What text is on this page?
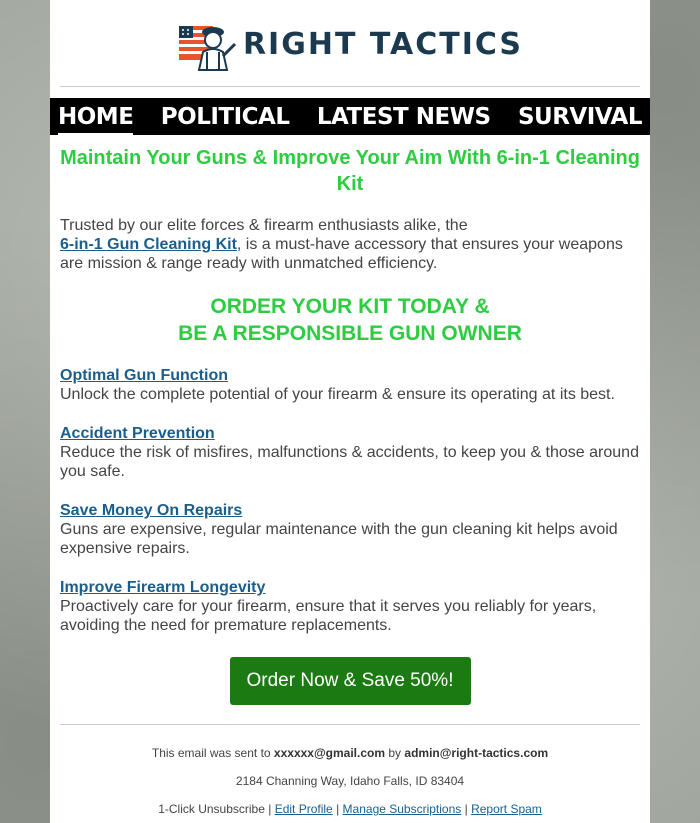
RIGHT TACTICS
HOME POLITICAL LATEST NEWS SURVIVAL
Maintain Your Guns & Improve Your Aim With 6-in-1 Cleaning Kit

Trusted by our elite forces & firearm enthusiasts alike, the
6-in-1 Gun Cleaning Kit, is a must-have accessory that ensures your weapons are mission & range ready with unmatched efficiency.

ORDER YOUR KIT TODAY &
BE A RESPONSIBLE GUN OWNER
Optimal Gun Function
Unlock the complete potential of your firearm & ensure its operating at its best.
Accident Prevention
Reduce the risk of misfires, malfunctions & accidents, to keep you & those around you safe.
Save Money On Repairs
Guns are expensive, regular maintenance with the gun cleaning kit helps avoid expensive repairs.
Improve Firearm Longevity
Proactively care for your firearm, ensure that it serves you reliably for years, avoiding the need for premature replacements.
Order Now & Save 50%!
This email was sent to xxxxxx@gmail.com by admin@right-tactics.com
2184 Channing Way, Idaho Falls, ID 83404
1-Click Unsubscribe | Edit Profile | Manage Subscriptions | Report Spam
